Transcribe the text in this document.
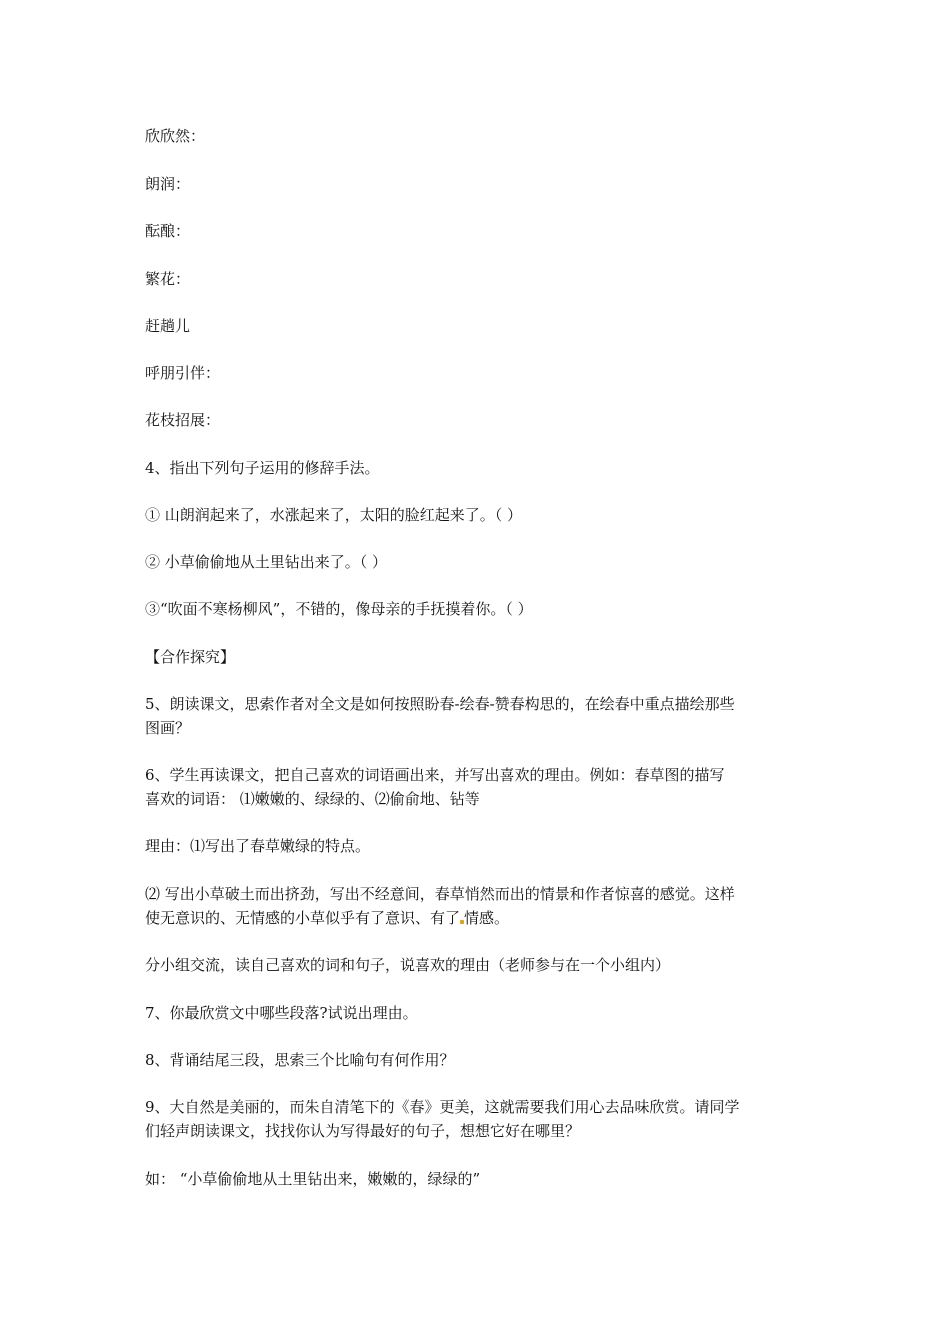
欣欣然：
朗润：
酝酿：
繁花：
赶趟儿
呼朋引伴：
花枝招展：
4、指出下列句子运用的修辞手法。
① 山朗润起来了，水涨起来了，太阳的脸红起来了。（ ）
② 小草偷偷地从土里钻出来了。（ ）
③“吹面不寒杨柳风”，不错的，像母亲的手抚摸着你。（ ）
【合作探究】
5、朗读课文，思索作者对全文是如何按照盼春-绘春-赞春构思的，在绘春中重点描绘那些
图画？
6、学生再读课文，把自己喜欢的词语画出来，并写出喜欢的理由。例如：春草图的描写
喜欢的词语： ⑴嫩嫩的、绿绿的、⑵偷俞地、钻等
理由：⑴写出了春草嫩绿的特点。
⑵ 写出小草破土而出挤劲，写出不经意间，春草悄然而出的情景和作者惊喜的感觉。这样
使无意识的、无情感的小草似乎有了意识、有了 情感。
分小组交流，读自己喜欢的词和句子，说喜欢的理由（老师参与在一个小组内）
7、你最欣赏文中哪些段落?试说出理由。
8、背诵结尾三段，思索三个比喻句有何作用？
9、大自然是美丽的，而朱自清笔下的《春》更美，这就需要我们用心去品味欣赏。请同学
们轻声朗读课文，找找你认为写得最好的句子，想想它好在哪里？
如： “小草偷偷地从土里钻出来，嫩嫩的，绿绿的”
